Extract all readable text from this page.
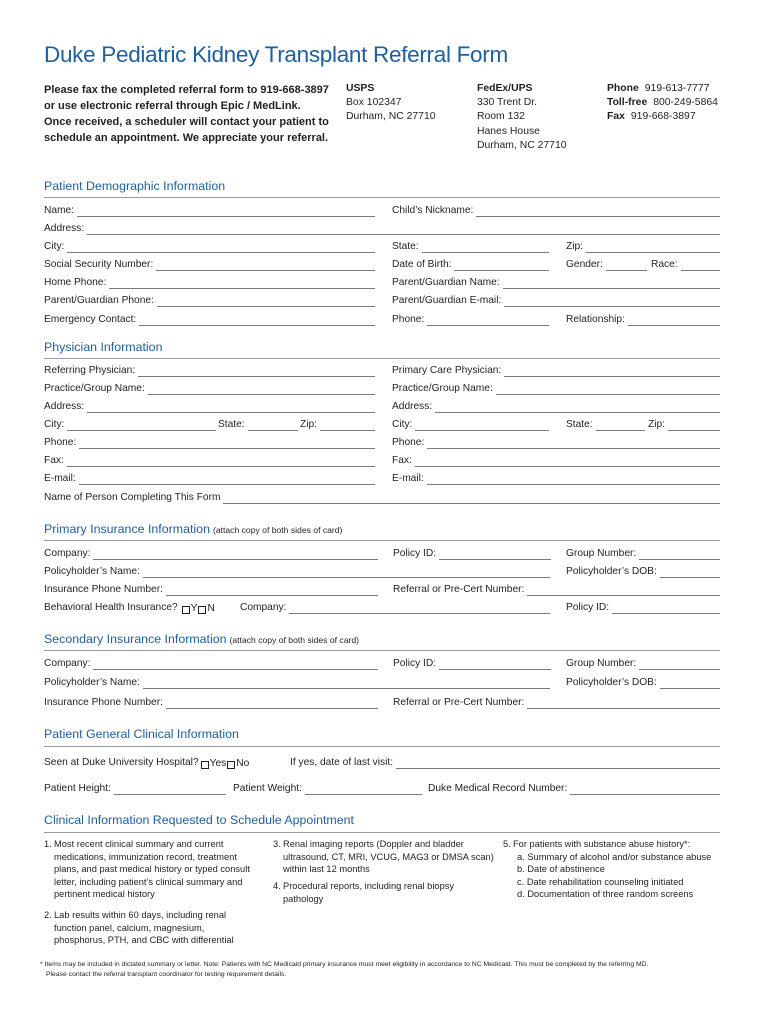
Duke Pediatric Kidney Transplant Referral Form
Please fax the completed referral form to 919-668-3897 or use electronic referral through Epic / MedLink. Once received, a scheduler will contact your patient to schedule an appointment. We appreciate your referral.
USPS
Box 102347
Durham, NC 27710
FedEx/UPS
330 Trent Dr.
Room 132
Hanes House
Durham, NC 27710
Phone 919-613-7777
Toll-free 800-249-5864
Fax 919-668-3897
Patient Demographic Information
Name:	Child’s Nickname:
Address:
City:	State:	Zip:
Social Security Number:	Date of Birth:	Gender:	Race:
Home Phone:	Parent/Guardian Name:
Parent/Guardian Phone:	Parent/Guardian E-mail:
Emergency Contact:	Phone:	Relationship:
Physician Information
Referring Physician:	Primary Care Physician:
Practice/Group Name:	Practice/Group Name:
Address:	Address:
City:	State:	Zip:	City:	State:	Zip:
Phone:	Phone:
Fax:	Fax:
E-mail:	E-mail:
Name of Person Completing This Form
Primary Insurance Information (attach copy of both sides of card)
Company:	Policy ID:	Group Number:
Policyholder’s Name:	Policyholder’s DOB:
Insurance Phone Number:	Referral or Pre-Cert Number:
Behavioral Health Insurance? Y N Company:	Policy ID:
Secondary Insurance Information (attach copy of both sides of card)
Company:	Policy ID:	Group Number:
Policyholder’s Name:	Policyholder’s DOB:
Insurance Phone Number:	Referral or Pre-Cert Number:
Patient General Clinical Information
Seen at Duke University Hospital? Yes No	If yes, date of last visit:
Patient Height:	Patient Weight:	Duke Medical Record Number:
Clinical Information Requested to Schedule Appointment
1. Most recent clinical summary and current
medications, immunization record, treatment
plans, and past medical history or typed consult
letter, including patient’s clinical summary and
pertinent medical history
2. Lab results within 60 days, including renal
function panel, calcium, magnesium,
phosphorus, PTH, and CBC with differential
3. Renal imaging reports (Doppler and bladder
ultrasound, CT, MRI, VCUG, MAG3 or DMSA scan)
within last 12 months
4. Procedural reports, including renal biopsy
pathology
5. For patients with substance abuse history*:
a. Summary of alcohol and/or substance abuse
b. Date of abstinence
c. Date rehabilitation counseling initiated
d. Documentation of three random screens
* Items may be included in dictated summary or letter. Note: Patients with NC Medicaid primary insurance must meet eligibility in accordance to NC Medicaid. This must be completed by the referring MD.
Please contact the referral transplant coordinator for testing requirement details.
